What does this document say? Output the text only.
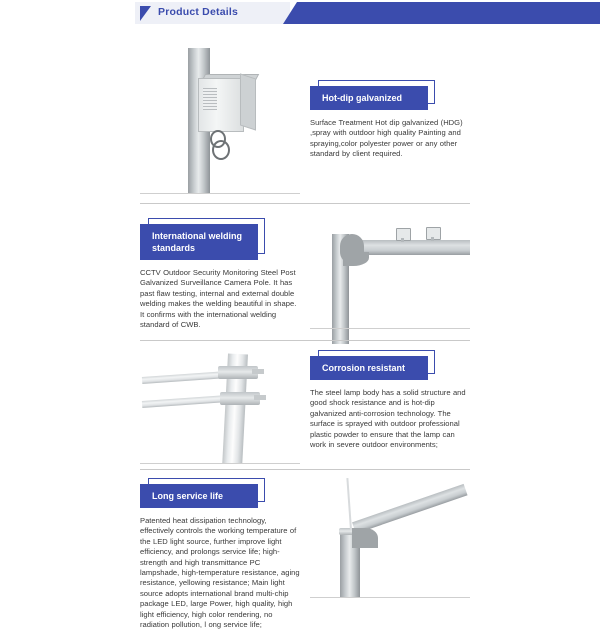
Product Details
Hot-dip galvanized
Surface Treatment Hot dip galvanized (HDG) ,spray with outdoor high quality Painting and spraying,color polyester power or any other standard by client required.
International welding standards
CCTV Outdoor Security Monitoring Steel Post Galvanized Surveillance Camera Pole. It has past flaw testing, internal and external double welding makes the welding beautiful in shape. It confirms with the international welding standard of CWB.
Corrosion resistant
The steel lamp body has a solid structure and good shock resistance and is hot-dip galvanized anti-corrosion technology. The surface is sprayed with outdoor professional plastic powder to ensure that the lamp can work in severe outdoor environments;
Long service life
Patented heat dissipation technology, effectively controls the working temperature of the LED light source, further improve light efficiency, and prolongs service life; high-strength and high transmittance PC lampshade, high-temperature resistance, aging resistance, yellowing resistance; Main light source adopts international brand multi-chip package LED, large Power, high quality, high light efficiency, high color rendering, no radiation pollution, l ong service life;
